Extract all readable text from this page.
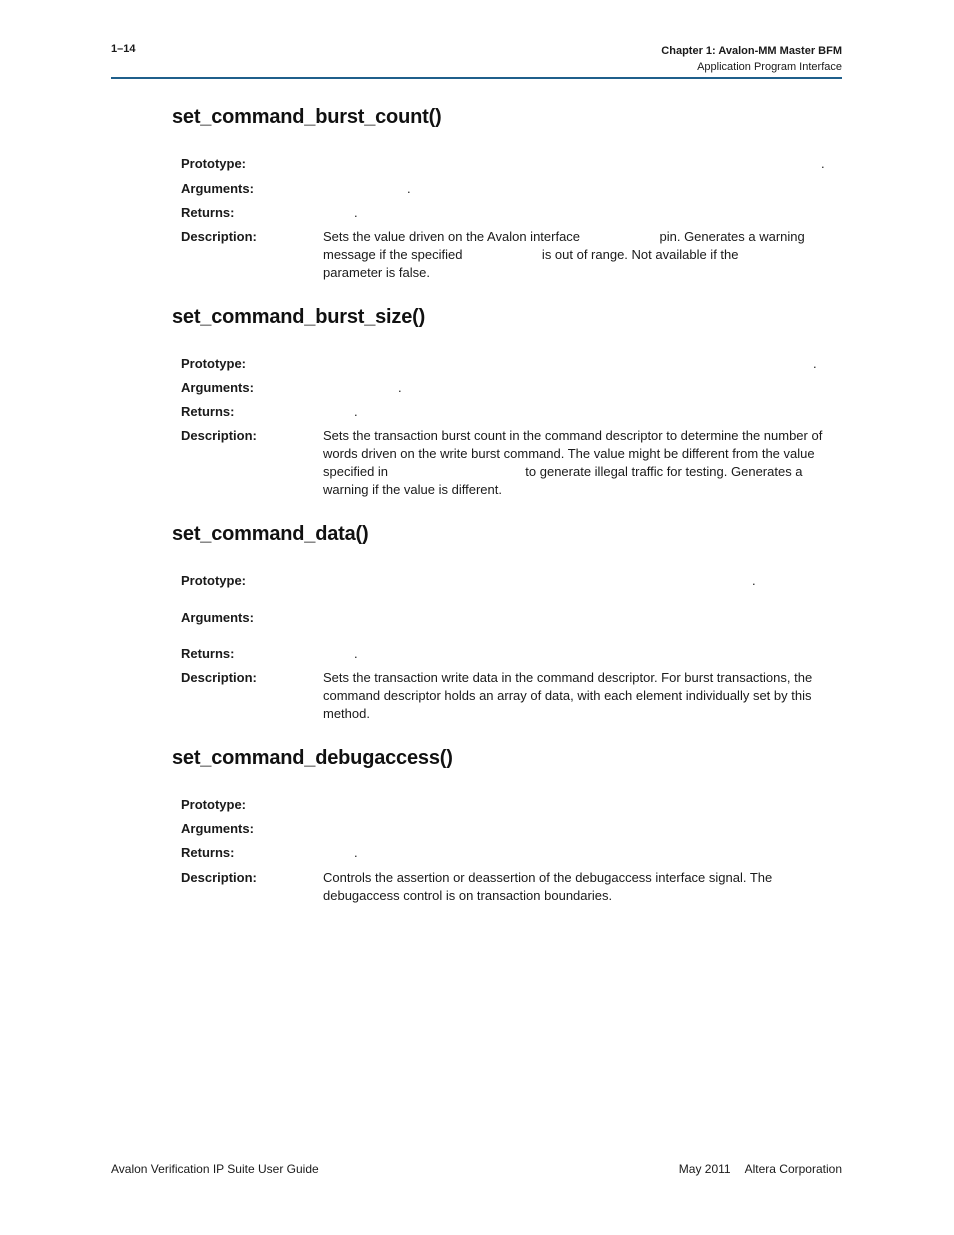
1–14	Chapter 1: Avalon-MM Master BFM
Application Program Interface
set_command_burst_count()
Prototype:	.
Arguments:	.
Returns:	.
Description:	Sets the value driven on the Avalon interface                      pin. Generates a warning message if the specified                      is out of range. Not available if the                                 parameter is false.
set_command_burst_size()
Prototype:	.
Arguments:	.
Returns:	.
Description:	Sets the transaction burst count in the command descriptor to determine the number of words driven on the write burst command. The value might be different from the value specified in                                      to generate illegal traffic for testing. Generates a warning if the value is different.
set_command_data()
Prototype:	.
Arguments:
Returns:	.
Description:	Sets the transaction write data in the command descriptor. For burst transactions, the command descriptor holds an array of data, with each element individually set by this method.
set_command_debugaccess()
Prototype:
Arguments:
Returns:	.
Description:	Controls the assertion or deassertion of the debugaccess interface signal. The debugaccess control is on transaction boundaries.
Avalon Verification IP Suite User Guide	May 2011 Altera Corporation
